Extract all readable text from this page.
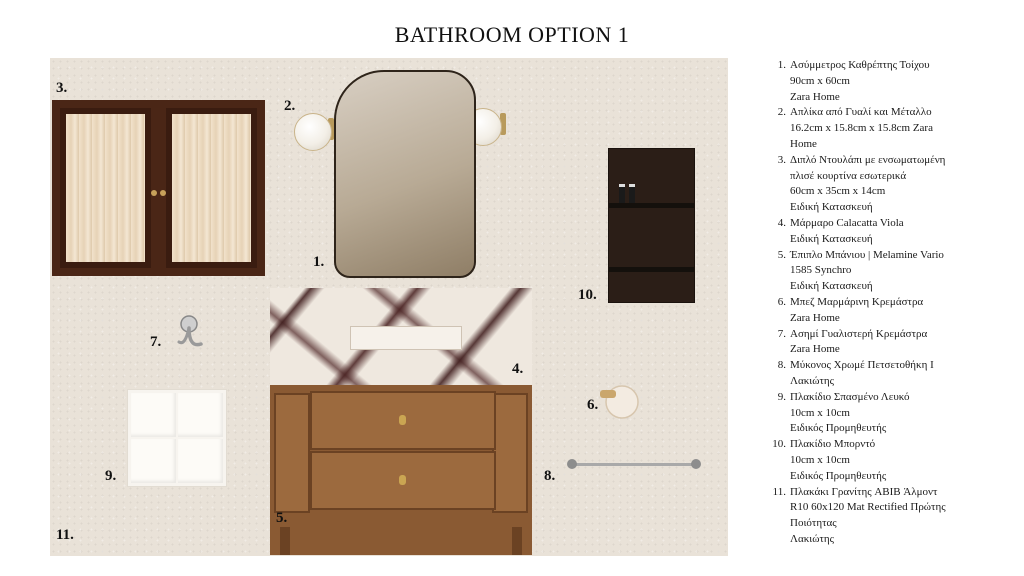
BATHROOM OPTION 1
1.
2.
3.
4.
5.
6.
7.
8.
9.
10.
11.
1. Ασύμμετρος Καθρέπτης Τοίχου
90cm x 60cm
Zara Home
2. Απλίκα από Γυαλί και Μέταλλο
16.2cm x 15.8cm x 15.8cm Zara
Home
3. Διπλό Ντουλάπι με ενσωματωμένη
πλισέ κουρτίνα εσωτερικά
60cm x 35cm x 14cm
Ειδική Κατασκευή
4. Μάρμαρο Calacatta Viola
Ειδική Κατασκευή
5. Έπιπλο Μπάνιου | Melamine Vario
1585 Synchro
Ειδική Κατασκευή
6. Μπεζ Μαρμάρινη Κρεμάστρα
Zara Home
7. Ασημί Γυαλιστερή Κρεμάστρα
Zara Home
8. Μύκονος Χρωμέ Πετσετοθήκη Ι
Λακιώτης
9. Πλακίδιο Σπασμένο Λευκό
10cm x 10cm
Ειδικός Προμηθευτής
10. Πλακίδιο Μπορντό
10cm x 10cm
Ειδικός Προμηθευτής
11. Πλακάκι Γρανίτης ABIB Άλμοντ
R10 60x120 Mat Rectified Πρώτης
Ποιότητας
Λακιώτης
